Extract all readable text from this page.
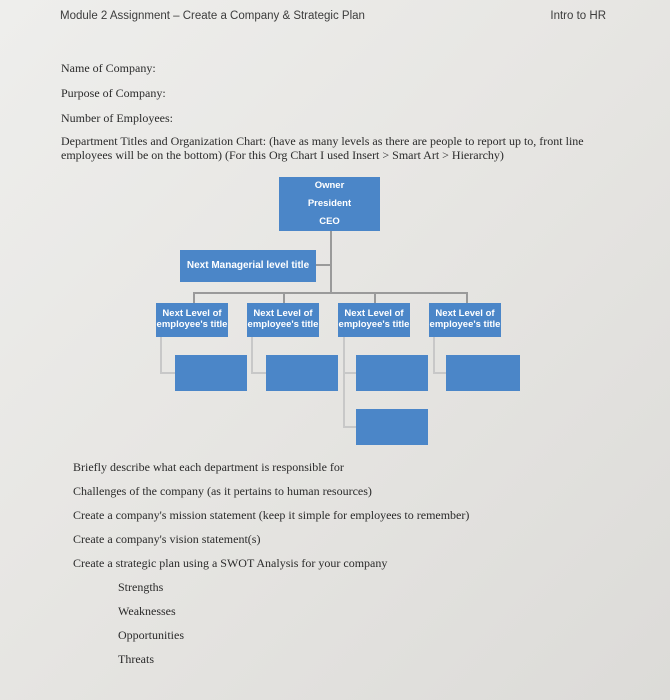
Module 2 Assignment – Create a Company & Strategic Plan	Intro to HR
Name of Company:
Purpose of Company:
Number of Employees:
Department Titles and Organization Chart: (have as many levels as there are people to report up to, front line employees will be on the bottom) (For this Org Chart I used Insert > Smart Art > Hierarchy)
Owner
President
CEO
Next Managerial level title
Next Level of
employee's title
Next Level of
employee's title
Next Level of
employee's title
Next Level of
employee's title
Briefly describe what each department is responsible for
Challenges of the company (as it pertains to human resources)
Create a company's mission statement (keep it simple for employees to remember)
Create a company's vision statement(s)
Create a strategic plan using a SWOT Analysis for your company
Strengths
Weaknesses
Opportunities
Threats
